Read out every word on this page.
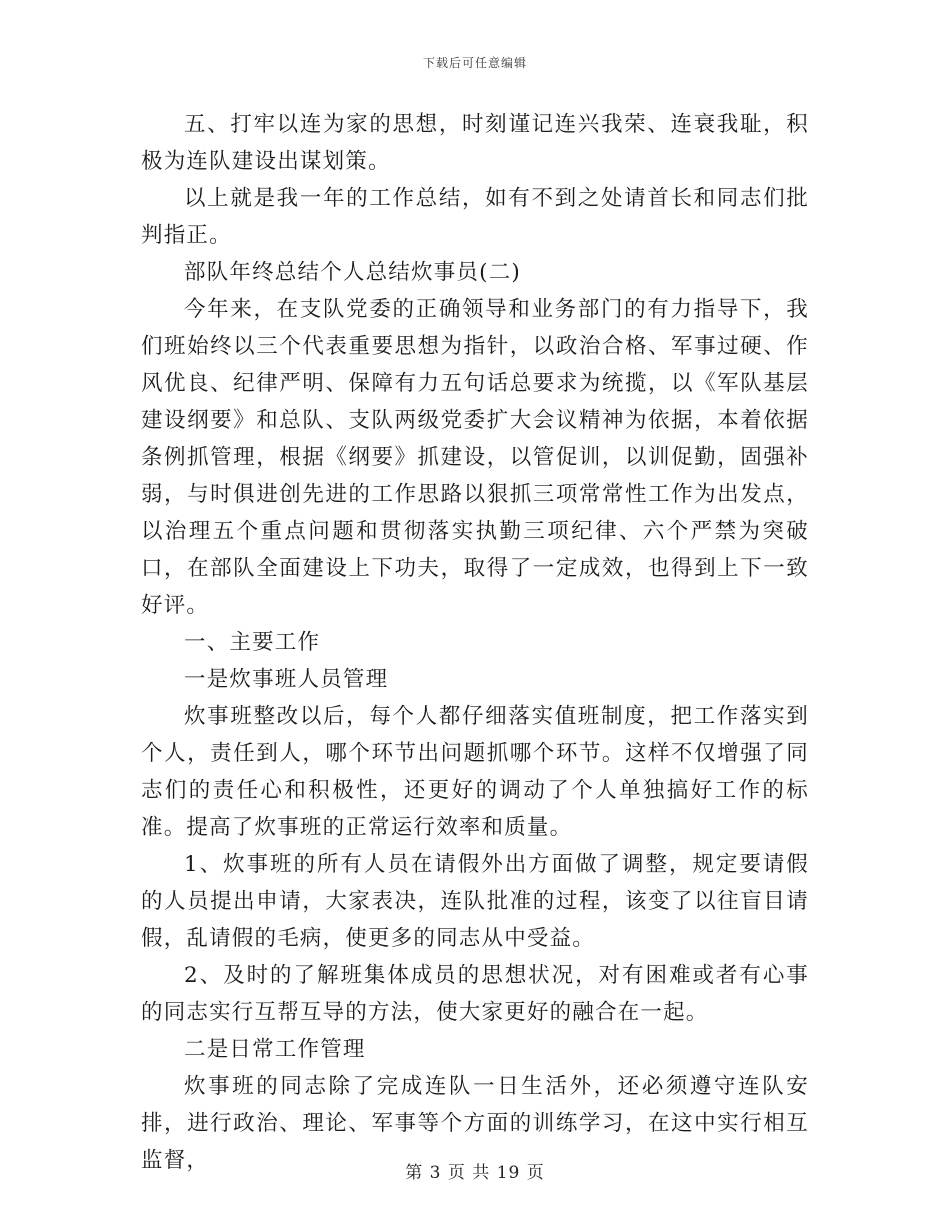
下载后可任意编辑

五、打牢以连为家的思想，时刻谨记连兴我荣、连衰我耻，积极为连队建设出谋划策。

以上就是我一年的工作总结，如有不到之处请首长和同志们批判指正。

部队年终总结个人总结炊事员(二)

今年来，在支队党委的正确领导和业务部门的有力指导下，我们班始终以三个代表重要思想为指针，以政治合格、军事过硬、作风优良、纪律严明、保障有力五句话总要求为统揽，以《军队基层建设纲要》和总队、支队两级党委扩大会议精神为依据，本着依据条例抓管理，根据《纲要》抓建设，以管促训，以训促勤，固强补弱，与时俱进创先进的工作思路以狠抓三项常常性工作为出发点，以治理五个重点问题和贯彻落实执勤三项纪律、六个严禁为突破口，在部队全面建设上下功夫，取得了一定成效，也得到上下一致好评。

一、主要工作

一是炊事班人员管理

炊事班整改以后，每个人都仔细落实值班制度，把工作落实到个人，责任到人，哪个环节出问题抓哪个环节。这样不仅增强了同志们的责任心和积极性，还更好的调动了个人单独搞好工作的标准。提高了炊事班的正常运行效率和质量。

1、炊事班的所有人员在请假外出方面做了调整，规定要请假的人员提出申请，大家表决，连队批准的过程，该变了以往盲目请假，乱请假的毛病，使更多的同志从中受益。

2、及时的了解班集体成员的思想状况，对有困难或者有心事的同志实行互帮互导的方法，使大家更好的融合在一起。

二是日常工作管理

炊事班的同志除了完成连队一日生活外，还必须遵守连队安排，进行政治、理论、军事等个方面的训练学习，在这中实行相互监督，	第 3 页 共 19 页
